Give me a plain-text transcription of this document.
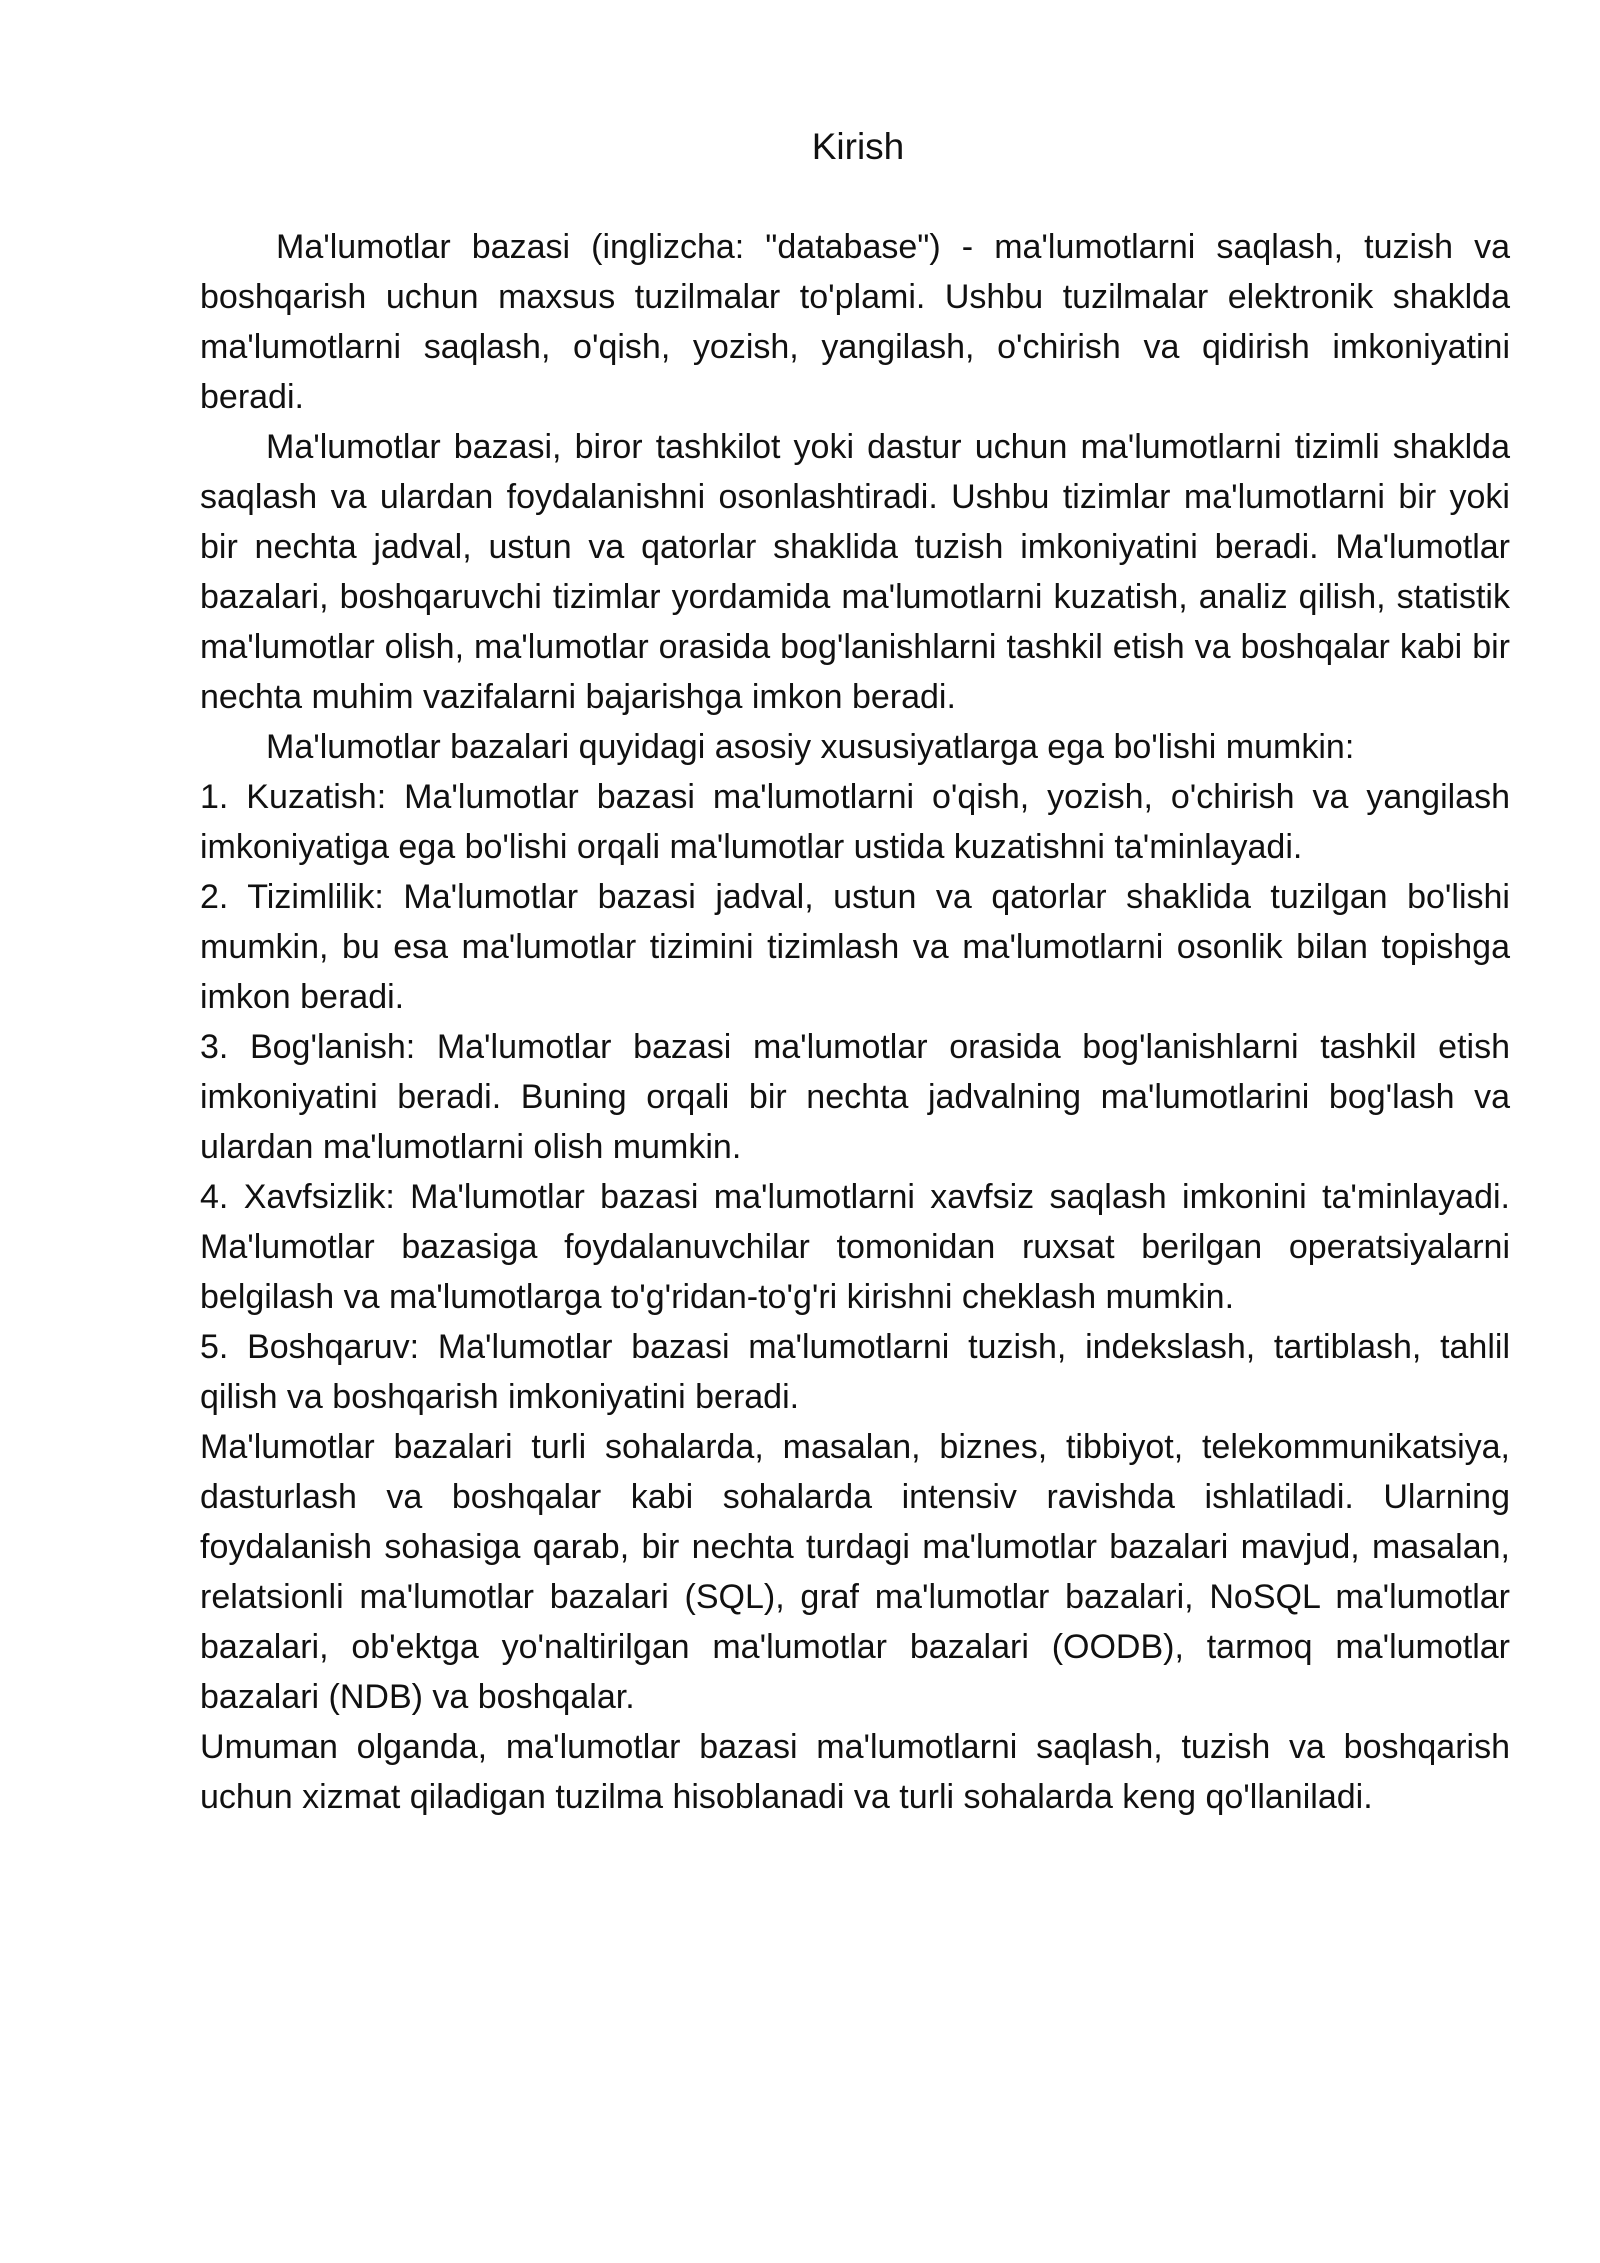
Kirish

Ma'lumotlar bazasi (inglizcha: "database") - ma'lumotlarni saqlash, tuzish va boshqarish uchun maxsus tuzilmalar to'plami. Ushbu tuzilmalar elektronik shaklda ma'lumotlarni saqlash, o'qish, yozish, yangilash, o'chirish va qidirish imkoniyatini beradi.

Ma'lumotlar bazasi, biror tashkilot yoki dastur uchun ma'lumotlarni tizimli shaklda saqlash va ulardan foydalanishni osonlashtiradi. Ushbu tizimlar ma'lumotlarni bir yoki bir nechta jadval, ustun va qatorlar shaklida tuzish imkoniyatini beradi. Ma'lumotlar bazalari, boshqaruvchi tizimlar yordamida ma'lumotlarni kuzatish, analiz qilish, statistik ma'lumotlar olish, ma'lumotlar orasida bog'lanishlarni tashkil etish va boshqalar kabi bir nechta muhim vazifalarni bajarishga imkon beradi.

Ma'lumotlar bazalari quyidagi asosiy xususiyatlarga ega bo'lishi mumkin:

1. Kuzatish: Ma'lumotlar bazasi ma'lumotlarni o'qish, yozish, o'chirish va yangilash imkoniyatiga ega bo'lishi orqali ma'lumotlar ustida kuzatishni ta'minlayadi.

2. Tizimlilik: Ma'lumotlar bazasi jadval, ustun va qatorlar shaklida tuzilgan bo'lishi mumkin, bu esa ma'lumotlar tizimini tizimlash va ma'lumotlarni osonlik bilan topishga imkon beradi.

3. Bog'lanish: Ma'lumotlar bazasi ma'lumotlar orasida bog'lanishlarni tashkil etish imkoniyatini beradi. Buning orqali bir nechta jadvalning ma'lumotlarini bog'lash va ulardan ma'lumotlarni olish mumkin.

4. Xavfsizlik: Ma'lumotlar bazasi ma'lumotlarni xavfsiz saqlash imkonini ta'minlayadi. Ma'lumotlar bazasiga foydalanuvchilar tomonidan ruxsat berilgan operatsiyalarni belgilash va ma'lumotlarga to'g'ridan-to'g'ri kirishni cheklash mumkin.

5. Boshqaruv: Ma'lumotlar bazasi ma'lumotlarni tuzish, indekslash, tartiblash, tahlil qilish va boshqarish imkoniyatini beradi.

Ma'lumotlar bazalari turli sohalarda, masalan, biznes, tibbiyot, telekommunikatsiya, dasturlash va boshqalar kabi sohalarda intensiv ravishda ishlatiladi. Ularning foydalanish sohasiga qarab, bir nechta turdagi ma'lumotlar bazalari mavjud, masalan, relatsionli ma'lumotlar bazalari (SQL), graf ma'lumotlar bazalari, NoSQL ma'lumotlar bazalari, ob'ektga yo'naltirilgan ma'lumotlar bazalari (OODB), tarmoq ma'lumotlar bazalari (NDB) va boshqalar.

Umuman olganda, ma'lumotlar bazasi ma'lumotlarni saqlash, tuzish va boshqarish uchun xizmat qiladigan tuzilma hisoblanadi va turli sohalarda keng qo'llaniladi.
